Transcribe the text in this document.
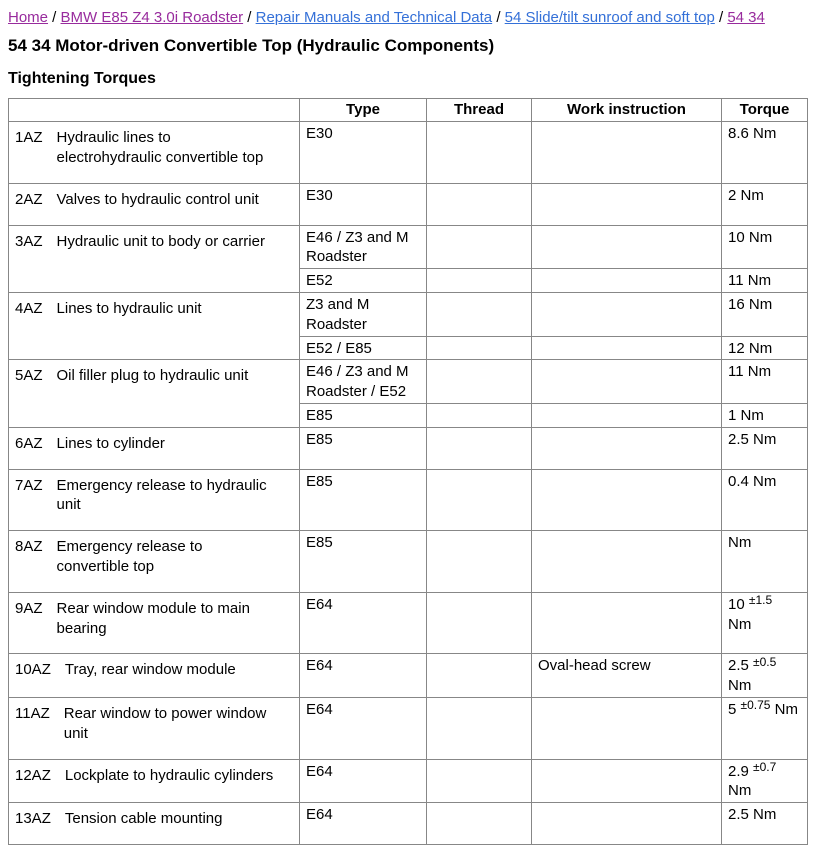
Home / BMW E85 Z4 3.0i Roadster / Repair Manuals and Technical Data / 54 Slide/tilt sunroof and soft top / 54 34
54 34 Motor-driven Convertible Top (Hydraulic Components)
Tightening Torques
	Type	Thread	Work instruction	Torque

1AZ Hydraulic lines to electrohydraulic convertible top	E30			8.6 Nm

2AZ Valves to hydraulic control unit	E30			2 Nm

3AZ Hydraulic unit to body or carrier	E46 / Z3 and M Roadster			10 Nm
	E52			11 Nm

4AZ Lines to hydraulic unit	Z3 and M Roadster			16 Nm
	E52 / E85			12 Nm

5AZ Oil filler plug to hydraulic unit	E46 / Z3 and M Roadster / E52			11 Nm
	E85			1 Nm

6AZ Lines to cylinder	E85			2.5 Nm

7AZ Emergency release to hydraulic unit	E85			0.4 Nm

8AZ Emergency release to convertible top	E85			Nm

9AZ Rear window module to main bearing	E64			10 $^{\pm 1.5}$
Nm

10AZ Tray, rear window module	E64		Oval-head screw	2.5 $^{\pm 0.5}$
Nm

11AZ Rear window to power window unit	E64			5 $^{\pm 0.75}$ Nm

12AZ Lockplate to hydraulic cylinders	E64			2.9 $^{\pm 0.7}$
Nm

13AZ Tension cable mounting	E64			2.5 Nm
